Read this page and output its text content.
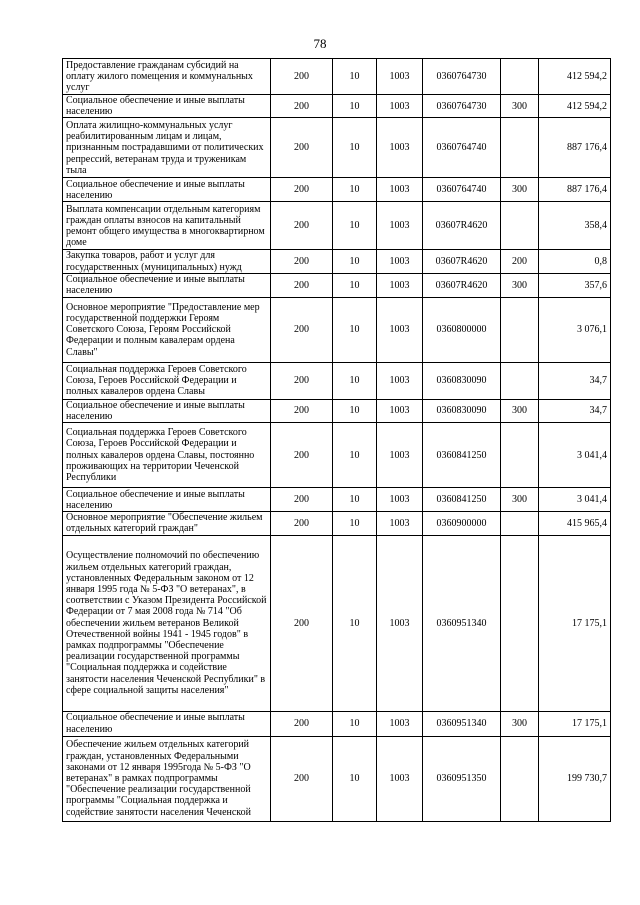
78
Предоставление гражданам субсидий на оплату жилого помещения и коммунальных услуг	200	10	1003	0360764730		412 594,2
Социальное обеспечение и иные выплаты населению	200	10	1003	0360764730	300	412 594,2
Оплата жилищно-коммунальных услуг реабилитированным лицам и лицам, признанным пострадавшими от политических репрессий, ветеранам труда и труженикам тыла	200	10	1003	0360764740		887 176,4
Социальное обеспечение и иные выплаты населению	200	10	1003	0360764740	300	887 176,4
Выплата компенсации отдельным категориям граждан оплаты взносов на капитальный ремонт общего имущества в многоквартирном доме	200	10	1003	03607R4620		358,4
Закупка товаров, работ и услуг для государственных (муниципальных) нужд	200	10	1003	03607R4620	200	0,8
Социальное обеспечение и иные выплаты населению	200	10	1003	03607R4620	300	357,6
Основное мероприятие "Предоставление мер государственной поддержки Героям Советского Союза, Героям Российской Федерации и полным кавалерам ордена Славы"	200	10	1003	0360800000		3 076,1
Социальная поддержка Героев Советского Союза, Героев Российской Федерации и полных кавалеров ордена Славы	200	10	1003	0360830090		34,7
Социальное обеспечение и иные выплаты населению	200	10	1003	0360830090	300	34,7
Социальная поддержка Героев Советского Союза, Героев Российской Федерации и полных кавалеров ордена Славы, постоянно проживающих на территории Чеченской Республики	200	10	1003	0360841250		3 041,4
Социальное обеспечение и иные выплаты населению	200	10	1003	0360841250	300	3 041,4
Основное мероприятие "Обеспечение жильем отдельных категорий граждан"	200	10	1003	0360900000		415 965,4
Осуществление полномочий по обеспечению жильем отдельных категорий граждан, установленных Федеральным законом от 12 января 1995 года № 5-ФЗ "О ветеранах", в соответствии с Указом Президента Российской Федерации от 7 мая 2008 года № 714 "Об обеспечении жильем ветеранов Великой Отечественной войны 1941 - 1945 годов" в рамках подпрограммы "Обеспечение реализации государственной программы "Социальная поддержка и содействие занятости населения Чеченской Республики" в сфере социальной защиты населения"	200	10	1003	0360951340		17 175,1
Социальное обеспечение и иные выплаты населению	200	10	1003	0360951340	300	17 175,1
Обеспечение жильем отдельных категорий граждан, установленных Федеральными законами от 12 января 1995года № 5-ФЗ "О ветеранах" в рамках подпрограммы "Обеспечение реализации государственной программы "Социальная поддержка и содействие занятости населения Чеченской	200	10	1003	0360951350		199 730,7
